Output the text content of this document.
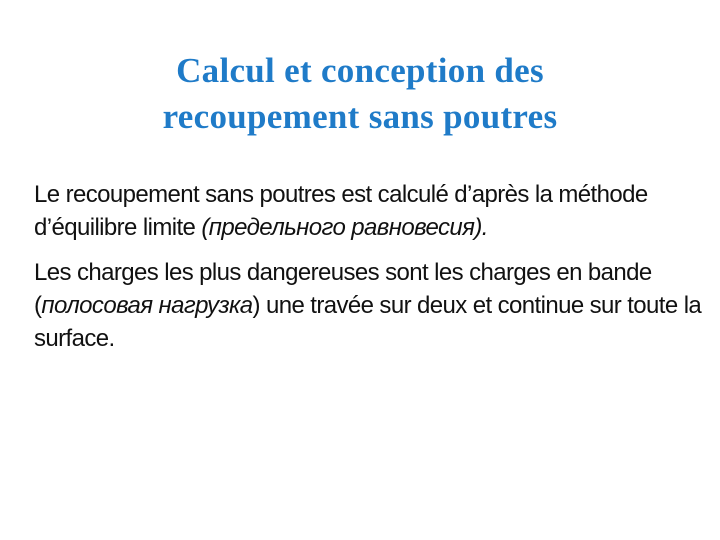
Calcul et conception des
recoupement sans poutres

Le recoupement sans poutres est calculé d’après la méthode d’équilibre limite (предельного равновесия).

Les charges les plus dangereuses sont les charges en bande (полосовая нагрузка) une travée sur deux et continue sur toute la surface.
